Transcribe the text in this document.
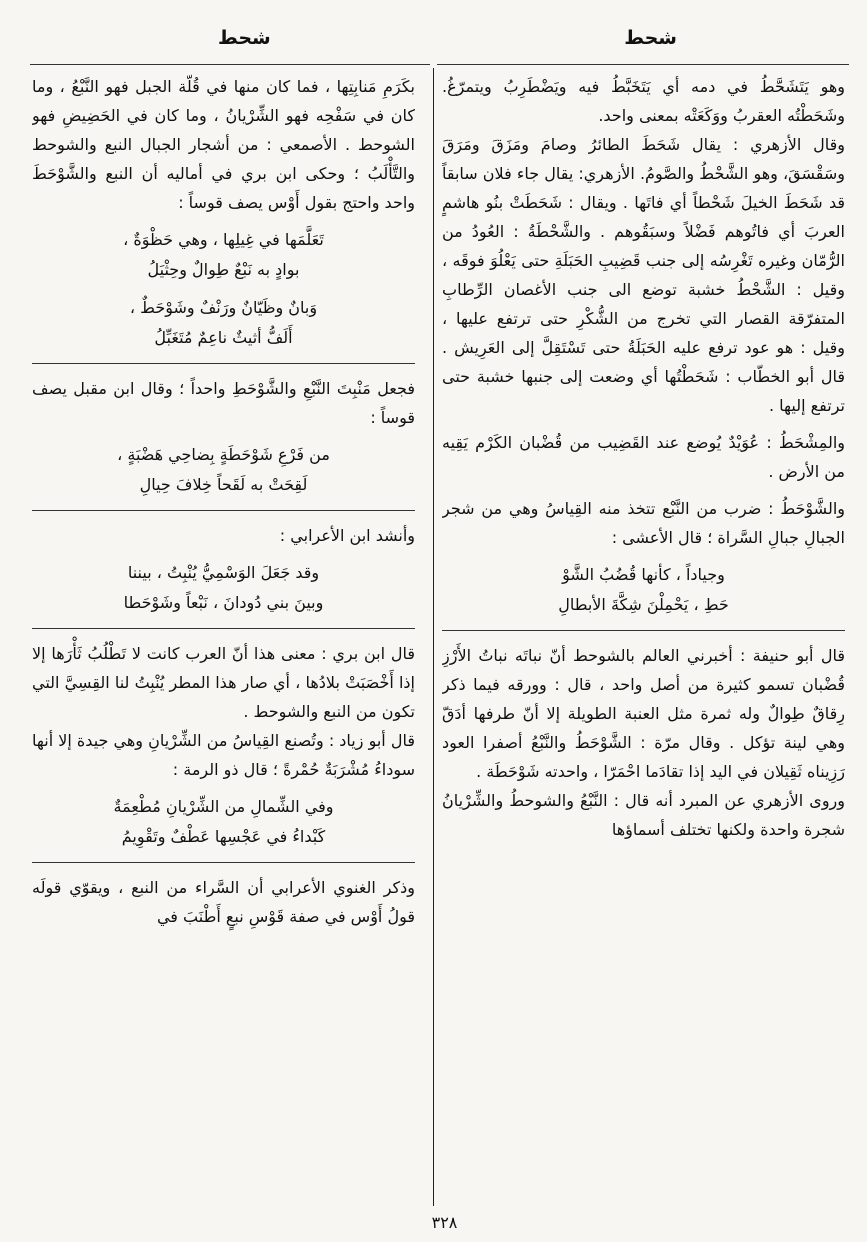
شحط
شحط

وهو يَتَشَحَّطُ في دمه أي يَتَخَبَّطُ فيه ويَضْطَرِبُ ويتمرّغُ. وشَحَطْتُه العقربُ ووَكَعَتْه بمعنى واحد.

وقال الأزهري : يقال شَحَطَ الطائرُ وصامَ ومَزَقَ ومَرَقَ وسَقْسَقَ، وهو الشَّحْطُ والصَّومُ. الأزهري: يقال جاء فلان سابقاً قد شَحَطَ الخيلَ شَحْطاً أي فاتَها . ويقال : شَحَطَتْ بنُو هاشمٍ العربَ أي فاتُوهم فَضْلاً وسبَقُوهم . والشَّحْطَةُ : العُودُ من الرُّمّان وغيره تَغْرِسُه إلى جنب قَضِيبِ الحَبَلَةِ حتى يَعْلُوَ فوقَه ، وقيل : الشَّحْطُ خشبة توضع الى جنب الأغصان الرِّطابِ المتفرّقة القصار التي تخرج من الشُّكْرِ حتى ترتفع عليها ، وقيل : هو عود ترفع عليه الحَبَلَةُ حتى تَسْتَقِلَّ إلى العَرِيش . قال أبو الخطّاب : شَحَطْتُها أي وضعت إلى جنبها خشبة حتى ترتفع إليها .

والمِشْحَطُ : عُوَيْدٌ يُوضع عند القَضِيب من قُضْبان الكَرْم يَقِيه من الأرض .

والشَّوْحَطُ : ضرب من النَّبْع تتخذ منه القِياسُ وهي من شجر الجبالِ جبالِ السَّراة ؛ قال الأعشى :

وجياداً ، كأنها قُضُبُ الشَّوْ
حَطِ ، يَحْمِلْنَ شِكَّةَ الأبطالِ

قال أبو حنيفة : أخبرني العالم بالشوحط أنّ نباتَه نباتُ الأَرْزِ قُضْبان تسمو كثيرة من أصل واحد ، قال : وورقه فيما ذكر رِقاقٌ طِوالٌ وله ثمرة مثل العنبة الطويلة إلا أنّ طرفها أدَقّ وهي لينة تؤكل . وقال مرّة : الشَّوْحَطُ والنَّبْعُ أصفرا العود رَزِيناه ثَقِيلان في اليد إذا تقادَما احْمَرّا ، واحدته شَوْحَطَة .

وروى الأزهري عن المبرد أنه قال : النَّبْعُ والشوحطُ والشِّرْيانُ شجرة واحدة ولكنها تختلف أسماؤها

بكَرَمِ مَنابِتِها ، فما كان منها في قُلّة الجبل فهو النَّبْعُ ، وما كان في سَفْحِه فهو الشِّرْيانُ ، وما كان في الحَضِيضِ فهو الشوحط . الأصمعي : من أشجار الجبال النبع والشوحط والتَّأْلَبُ ؛ وحكى ابن بري في أماليه أن النبع والشَّوْحَطَ واحد واحتج بقول أَوْس يصف قوساً :

تَعَلَّمَها في غِيلِها ، وهي حَظْوَةٌ ،
بوادٍ به نَبْعٌ طِوالٌ وحِثْيَلُ
وَبانٌ وظَيّانٌ ورَنْفٌ وشَوْحَطٌ ،
أَلَفُّ أثيثٌ ناعِمٌ مُتَغَبِّلُ

فجعل مَنْبِتَ النَّبْعِ والشَّوْحَطِ واحداً ؛ وقال ابن مقبل يصف قوساً :

من فَرْعِ شَوْحَطَةٍ بِضاحِي هَضْبَةٍ ،
لَقِحَتْ به لَقَحاً خِلافَ حِيالِ

وأنشد ابن الأعرابي :

وقد جَعَلَ الوَسْمِيُّ يُنْبِتُ ، بيننا
وبينَ بني دُودانَ ، نَبْعاً وشَوْحَطا

قال ابن بري : معنى هذا أنّ العرب كانت لا تَطْلُبُ ثَأْرَها إلا إذا أَخْصَبَتْ بلادُها ، أي صار هذا المطر يُنْبِتُ لنا القِسِيَّ التي تكون من النبع والشوحط .

قال أبو زياد : وتُصنع القِياسُ من الشِّرْيانِ وهي جيدة إلا أنها سوداءُ مُشْرَبَةٌ حُمْرةً ؛ قال ذو الرمة :

وفي الشِّمالِ من الشِّرْيانِ مُطْعِمَةٌ
كَبْداءُ في عَجْسِها عَطْفٌ وتَقْوِيمُ

وذكر الغنوي الأعرابي أن السَّراء من النبع ، ويقوّي قولَه قولُ أَوْس في صفة قَوْسِ نبعٍ أَطْنَبَ في

٣٢٨
